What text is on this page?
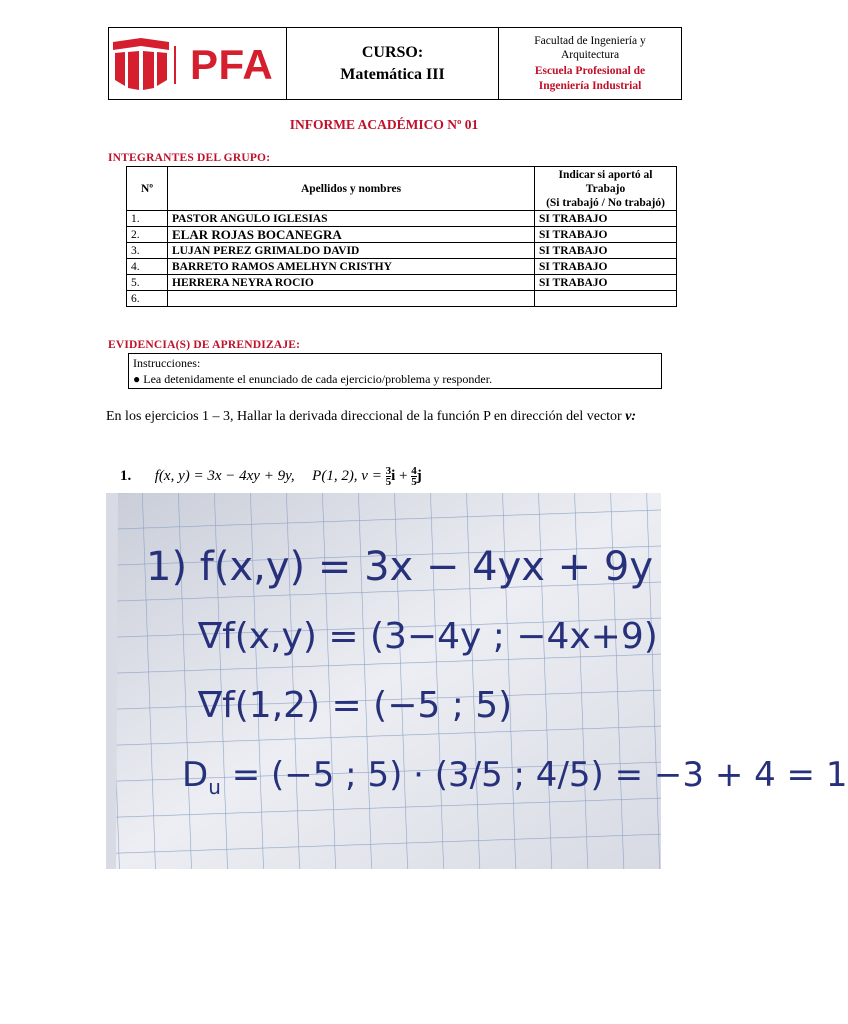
PFA	CURSO:
Matemática III
Facultad de Ingeniería y
Arquitectura
Escuela Profesional de
Ingeniería Industrial
INFORME ACADÉMICO Nº 01
INTEGRANTES DEL GRUPO:
Nº	Apellidos y nombres	Indicar si aportó al
Trabajo
(Si trabajó / No trabajó)

1.	PASTOR ANGULO IGLESIAS	SI TRABAJO
2.	ELAR ROJAS BOCANEGRA	SI TRABAJO
3.	LUJAN PEREZ GRIMALDO DAVID	SI TRABAJO
4.	BARRETO RAMOS AMELHYN CRISTHY	SI TRABAJO
5.	HERRERA NEYRA ROCIO	SI TRABAJO
6.		
EVIDENCIA(S) DE APRENDIZAJE:
Instrucciones:
● Lea detenidamente el enunciado de cada ejercicio/problema y responder.
En los ejercicios 1 – 3, Hallar la derivada direccional de la función P en dirección del vector v:
1. f(x, y) = 3x − 4xy + 9y, P(1, 2), $v = \frac{3}{5}$ $i + \frac{4}{5}$ j
1) f(x,y) = 3x − 4yx + 9y
∇f(x,y) = (3−4y ; −4x+9)
∇f(1,2) = (−5 ; 5)
$D_u = (-5$ ; 5) · (3/5 ; 4/5) = −3 + 4 = 1
